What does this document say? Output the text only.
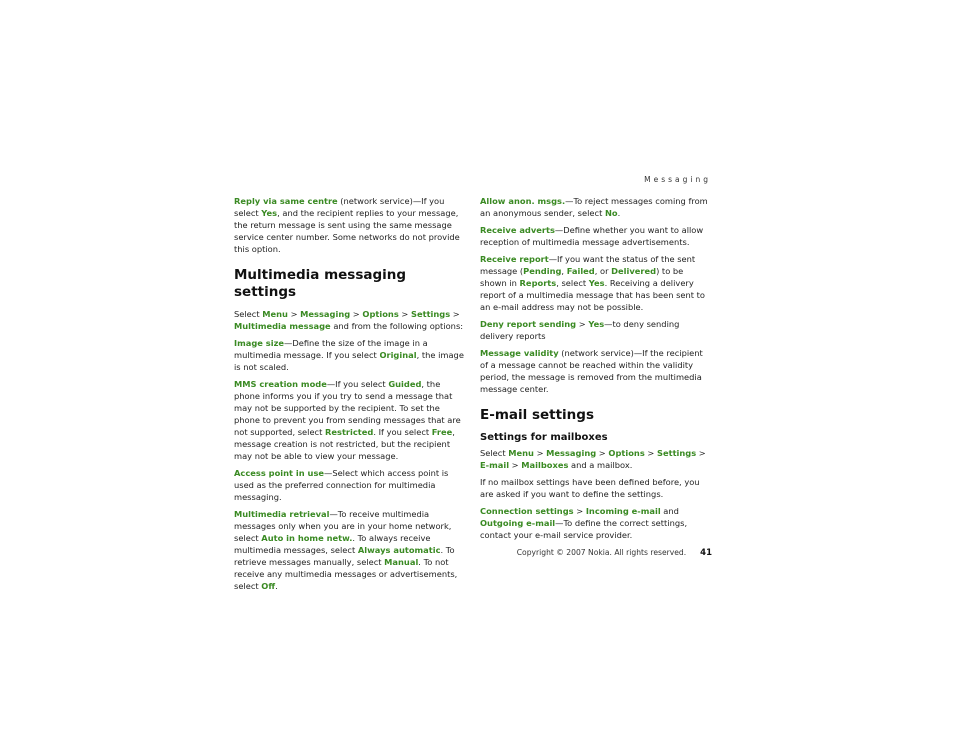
Messaging

Reply via same centre (network service)—If you select Yes, and the recipient replies to your message, the return message is sent using the same message service center number. Some networks do not provide this option.

Multimedia messaging settings

Select Menu > Messaging > Options > Settings > Multimedia message and from the following options:

Image size—Define the size of the image in a multimedia message. If you select Original, the image is not scaled.

MMS creation mode—If you select Guided, the phone informs you if you try to send a message that may not be supported by the recipient. To set the phone to prevent you from sending messages that are not supported, select Restricted. If you select Free, message creation is not restricted, but the recipient may not be able to view your message.

Access point in use—Select which access point is used as the preferred connection for multimedia messaging.

Multimedia retrieval—To receive multimedia messages only when you are in your home network, select Auto in home netw.. To always receive multimedia messages, select Always automatic. To retrieve messages manually, select Manual. To not receive any multimedia messages or advertisements, select Off.

Allow anon. msgs.—To reject messages coming from an anonymous sender, select No.

Receive adverts—Define whether you want to allow reception of multimedia message advertisements.

Receive report—If you want the status of the sent message (Pending, Failed, or Delivered) to be shown in Reports, select Yes. Receiving a delivery report of a multimedia message that has been sent to an e-mail address may not be possible.

Deny report sending > Yes—to deny sending delivery reports

Message validity (network service)—If the recipient of a message cannot be reached within the validity period, the message is removed from the multimedia message center.

E-mail settings
Settings for mailboxes

Select Menu > Messaging > Options > Settings > E-mail > Mailboxes and a mailbox.

If no mailbox settings have been defined before, you are asked if you want to define the settings.

Connection settings > Incoming e-mail and Outgoing e-mail—To define the correct settings, contact your e-mail service provider.

Copyright © 2007 Nokia. All rights reserved. 41
